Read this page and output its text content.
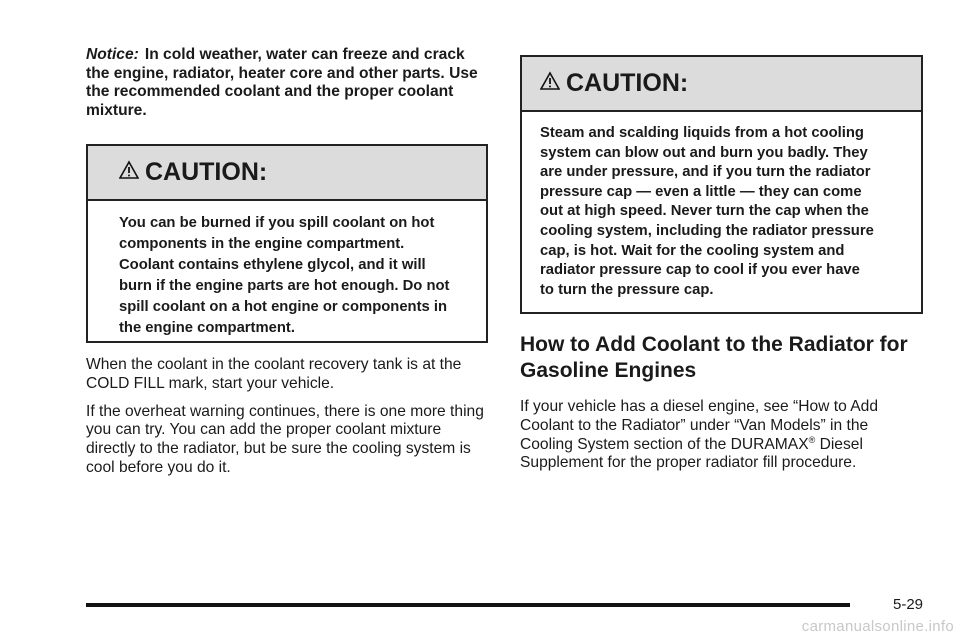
Notice: In cold weather, water can freeze and crack the engine, radiator, heater core and other parts. Use the recommended coolant and the proper coolant mixture.

CAUTION:
You can be burned if you spill coolant on hot
components in the engine compartment.
Coolant contains ethylene glycol, and it will
burn if the engine parts are hot enough. Do not
spill coolant on a hot engine or components in
the engine compartment.

When the coolant in the coolant recovery tank is at the COLD FILL mark, start your vehicle.

If the overheat warning continues, there is one more thing you can try. You can add the proper coolant mixture directly to the radiator, but be sure the cooling system is cool before you do it.

CAUTION:
Steam and scalding liquids from a hot cooling
system can blow out and burn you badly. They
are under pressure, and if you turn the radiator
pressure cap — even a little — they can come
out at high speed. Never turn the cap when the
cooling system, including the radiator pressure
cap, is hot. Wait for the cooling system and
radiator pressure cap to cool if you ever have
to turn the pressure cap.
How to Add Coolant to the Radiator for Gasoline Engines

If your vehicle has a diesel engine, see “How to Add Coolant to the Radiator” under “Van Models” in the Cooling System section of the DURAMAX® Diesel Supplement for the proper radiator fill procedure.

5-29
carmanualsonline.info
